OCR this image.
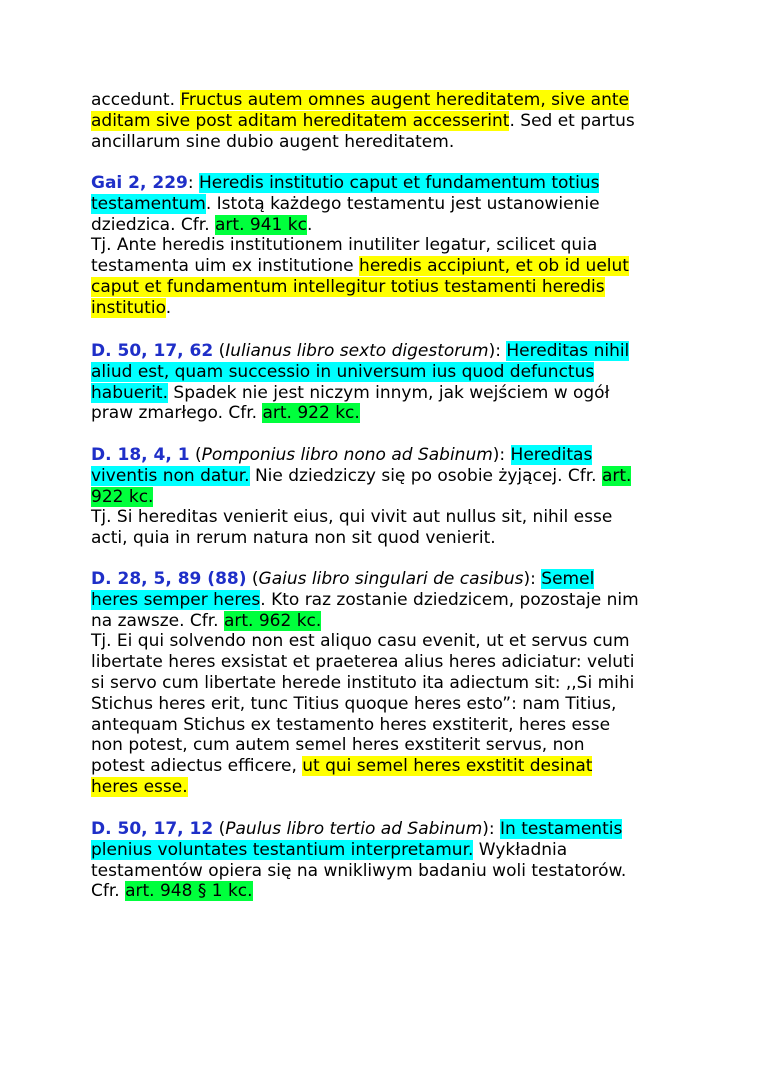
accedunt. Fructus autem omnes augent hereditatem, sive ante
aditam sive post aditam hereditatem accesserint. Sed et partus
ancillarum sine dubio augent hereditatem.

Gai 2, 229: Heredis institutio caput et fundamentum totius
testamentum. Istotą każdego testamentu jest ustanowienie
dziedzica. Cfr. art. 941 kc.
Tj. Ante heredis institutionem inutiliter legatur, scilicet quia
testamenta uim ex institutione heredis accipiunt, et ob id uelut
caput et fundamentum intellegitur totius testamenti heredis
institutio.

D. 50, 17, 62 (Iulianus libro sexto digestorum): Hereditas nihil
aliud est, quam successio in universum ius quod defunctus
habuerit. Spadek nie jest niczym innym, jak wejściem w ogół
praw zmarłego. Cfr. art. 922 kc.

D. 18, 4, 1 (Pomponius libro nono ad Sabinum): Hereditas
viventis non datur. Nie dziedziczy się po osobie żyjącej. Cfr. art.
922 kc.
Tj. Si hereditas venierit eius, qui vivit aut nullus sit, nihil esse
acti, quia in rerum natura non sit quod venierit.

D. 28, 5, 89 (88) (Gaius libro singulari de casibus): Semel
heres semper heres. Kto raz zostanie dziedzicem, pozostaje nim
na zawsze. Cfr. art. 962 kc.
Tj. Ei qui solvendo non est aliquo casu evenit, ut et servus cum
libertate heres exsistat et praeterea alius heres adiciatur: veluti
si servo cum libertate herede instituto ita adiectum sit: ,,Si mihi
Stichus heres erit, tunc Titius quoque heres esto”: nam Titius,
antequam Stichus ex testamento heres exstiterit, heres esse
non potest, cum autem semel heres exstiterit servus, non
potest adiectus efficere, ut qui semel heres exstitit desinat
heres esse.

D. 50, 17, 12 (Paulus libro tertio ad Sabinum): In testamentis
plenius voluntates testantium interpretamur. Wykładnia
testamentów opiera się na wnikliwym badaniu woli testatorów.
Cfr. art. 948 § 1 kc.
